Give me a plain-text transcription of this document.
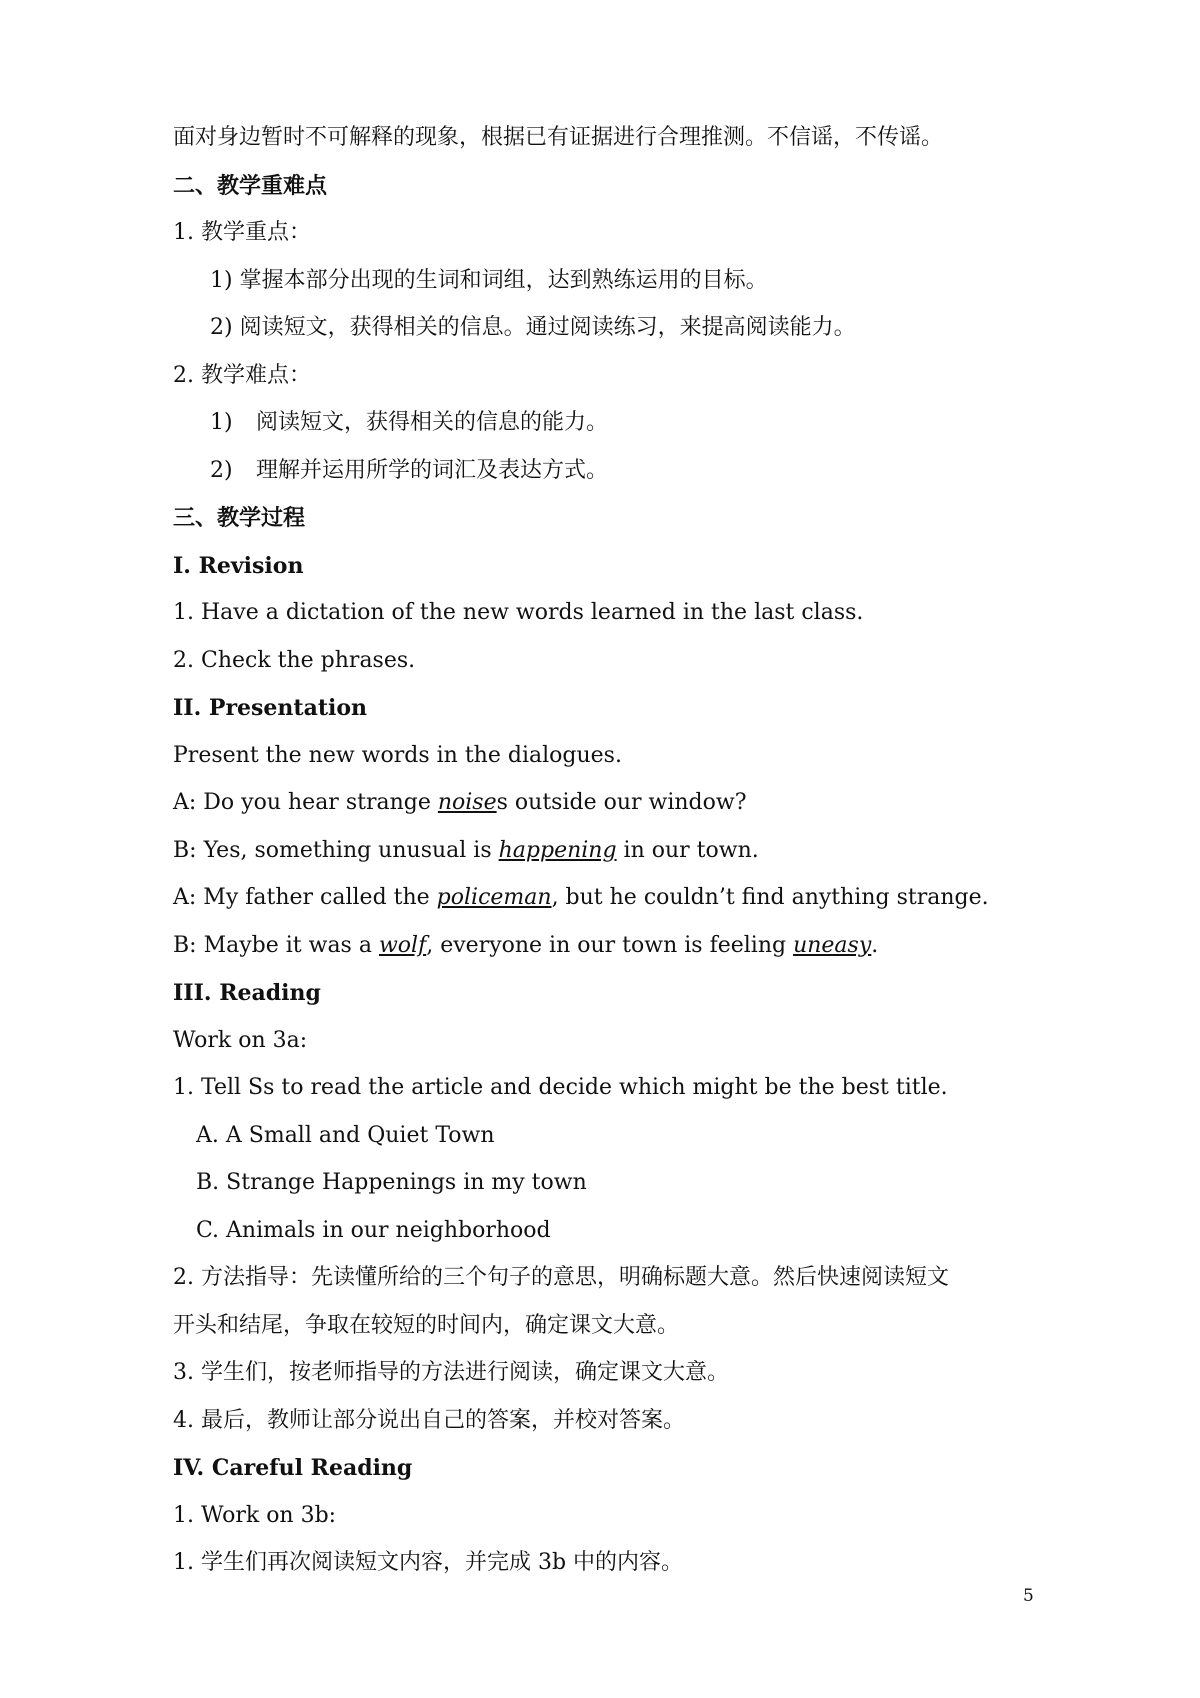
面对身边暂时不可解释的现象，根据已有证据进行合理推测。不信谣，不传谣。
二、教学重难点
1. 教学重点：
1) 掌握本部分出现的生词和词组，达到熟练运用的目标。
2) 阅读短文，获得相关的信息。通过阅读练习，来提高阅读能力。
2. 教学难点：
1) 阅读短文，获得相关的信息的能力。
2) 理解并运用所学的词汇及表达方式。
三、教学过程
I. Revision
1. Have a dictation of the new words learned in the last class.
2. Check the phrases.
II. Presentation
Present the new words in the dialogues.
A: Do you hear strange noises outside our window?
B: Yes, something unusual is happening in our town.
A: My father called the policeman, but he couldn’t find anything strange.
B: Maybe it was a wolf, everyone in our town is feeling uneasy.
III. Reading
Work on 3a:
1. Tell Ss to read the article and decide which might be the best title.
A. A Small and Quiet Town
B. Strange Happenings in my town
C. Animals in our neighborhood
2. 方法指导：先读懂所给的三个句子的意思，明确标题大意。然后快速阅读短文
开头和结尾，争取在较短的时间内，确定课文大意。
3. 学生们，按老师指导的方法进行阅读，确定课文大意。
4. 最后，教师让部分说出自己的答案，并校对答案。
IV. Careful Reading
1. Work on 3b:
1. 学生们再次阅读短文内容，并完成 3b 中的内容。
5
